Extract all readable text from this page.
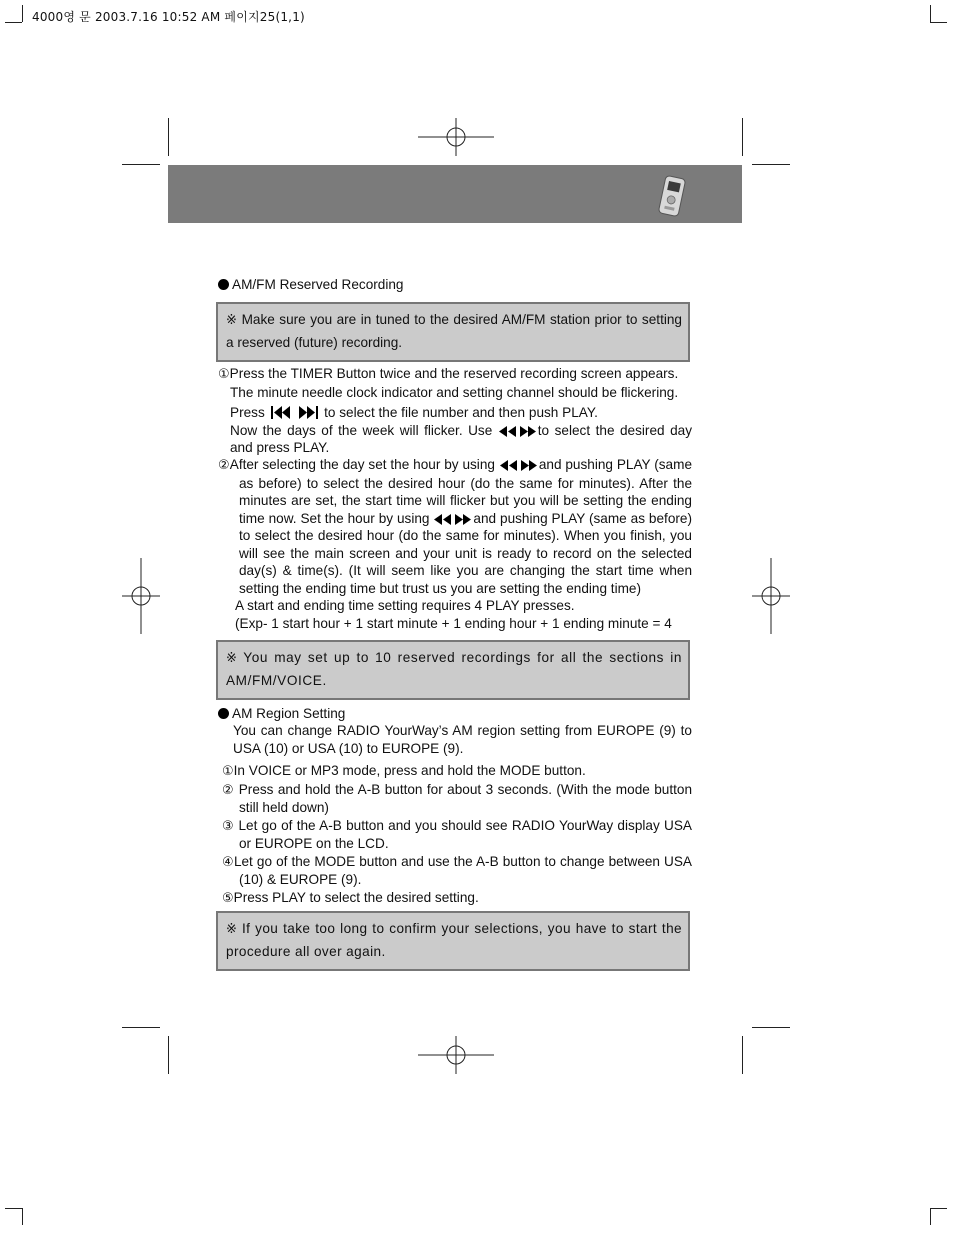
4000영 문 2003.7.16 10:52 AM 페이지25(1,1)
AM/FM Reserved Recording
※ Make sure you are in tuned to the desired AM/FM station prior to setting a reserved (future) recording.
①Press the TIMER Button twice and the reserved recording screen appears.
The minute needle clock indicator and setting channel should be flickering.
Press	to select the file number and then push PLAY.
Now the days of the week will flicker. Use	to select the desired day and press PLAY.
②After selecting the day set the hour by using	and pushing PLAY (same as before) to select the desired hour (do the same for minutes). After the minutes are set, the start time will flicker but you will be setting the ending time now. Set the hour by using	and pushing PLAY (same as before) to select the desired hour (do the same for minutes). When you finish, you will see the main screen and your unit is ready to record on the selected day(s) & time(s). (It will seem like you are changing the start time when setting the ending time but trust us you are setting the ending time)
A start and ending time setting requires 4 PLAY presses.
(Exp- 1 start hour + 1 start minute + 1 ending hour + 1 ending minute = 4
※ You may set up to 10 reserved recordings for all the sections in AM/FM/VOICE.
AM Region Setting
You can change RADIO YourWay’s AM region setting from EUROPE (9) to USA (10) or USA (10) to EUROPE (9).
①In VOICE or MP3 mode, press and hold the MODE button.
② Press and hold the A-B button for about 3 seconds. (With the mode button still held down)
③ Let go of the A-B button and you should see RADIO YourWay display USA or EUROPE on the LCD.
④Let go of the MODE button and use the A-B button to change between USA (10) & EUROPE (9).
⑤Press PLAY to select the desired setting.
※ If you take too long to confirm your selections, you have to start the procedure all over again.
